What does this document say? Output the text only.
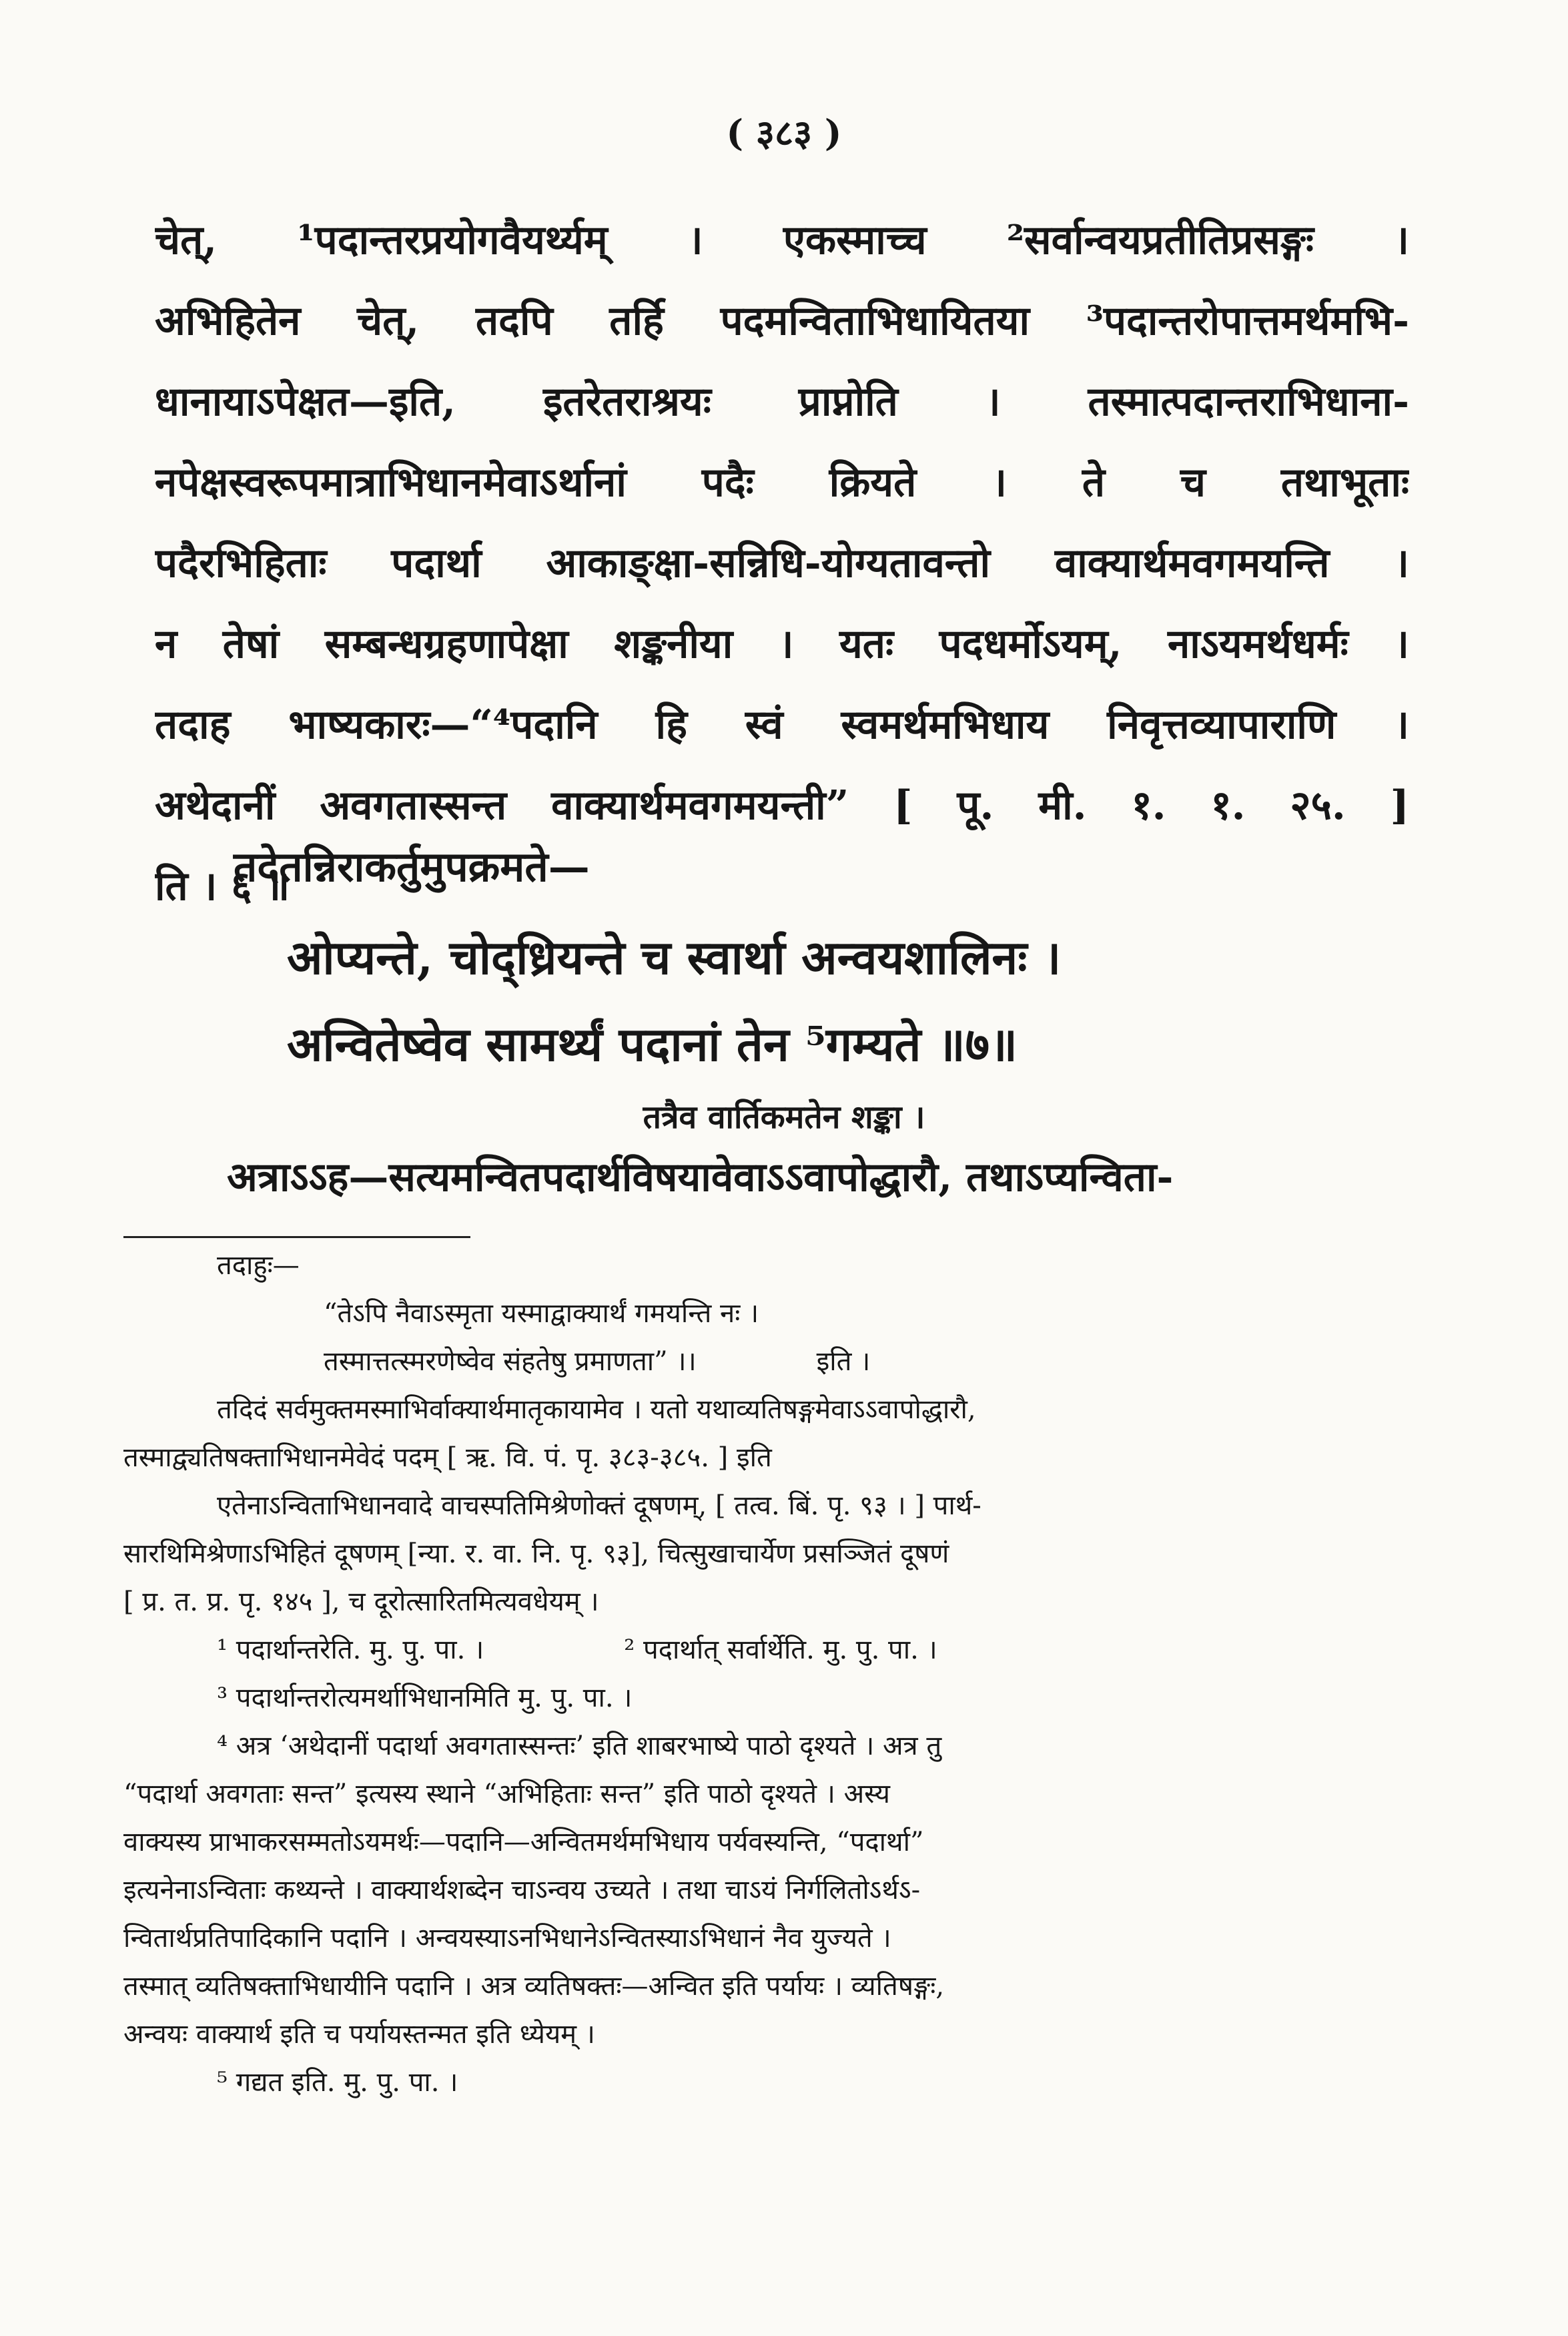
( ३८३ )
चेत्, ¹पदान्तरप्रयोगवैयर्थ्यम् । एकस्माच्च ²सर्वान्वयप्रतीतिप्रसङ्गः ।
अभिहितेन चेत्, तदपि तर्हि पदमन्विताभिधायितया ³पदान्तरोपात्तमर्थमभि-
धानायाऽपेक्षत—इति, इतरेतराश्रयः प्राप्नोति । तस्मात्पदान्तराभिधाना-
नपेक्षस्वरूपमात्राभिधानमेवाऽर्थानां पदैः क्रियते । ते च तथाभूताः
पदैरभिहिताः पदार्था आकाङ्क्षा-सन्निधि-योग्यतावन्तो वाक्यार्थमवगमयन्ति ।
न तेषां सम्बन्धग्रहणापेक्षा शङ्कनीया । यतः पदधर्मोऽयम्, नाऽयमर्थधर्मः ।
तदाह भाष्यकारः—“⁴पदानि हि स्वं स्वमर्थमभिधाय निवृत्तव्यापाराणि ।
अथेदानीं अवगतास्सन्त वाक्यार्थमवगमयन्ती” [ पू. मी. १. १. २५. ]
ति । ६ ॥
तदेतन्निराकर्तुमुपक्रमते—
ओप्यन्ते, चोद्‌ध्रियन्ते च स्वार्था अन्वयशालिनः ।
अन्वितेष्वेव सामर्थ्यं पदानां तेन ⁵गम्यते ॥७॥
तत्रैव वार्तिकमतेन शङ्का ।
अत्राऽऽह—सत्यमन्वितपदार्थविषयावेवाऽऽवापोद्धारौ, तथाऽप्यन्विता-
तदाहुः—
“तेऽपि नैवाऽस्मृता यस्माद्वाक्यार्थं गमयन्ति नः ।
तस्मात्तत्स्मरणेष्वेव संहतेषु प्रमाणता” ।।	इति ।
तदिदं सर्वमुक्तमस्माभिर्वाक्यार्थमातृकायामेव । यतो यथाव्यतिषङ्गमेवाऽऽवापोद्धारौ,
तस्माद्व्यतिषक्ताभिधानमेवेदं पदम् [ ऋ. वि. पं. पृ. ३८३-३८५. ] इति
एतेनाऽन्विताभिधानवादे वाचस्पतिमिश्रेणोक्तं दूषणम्, [ तत्व. बिं. पृ. ९३ । ] पार्थ-
सारथिमिश्रेणाऽभिहितं दूषणम् [न्या. र. वा. नि. पृ. ९३], चित्सुखाचार्येण प्रसञ्जितं दूषणं
[ प्र. त. प्र. पृ. १४५ ], च दूरोत्सारितमित्यवधेयम् ।
¹ पदार्थान्तरेति. मु. पु. पा. ।	² पदार्थात् सर्वार्थेति. मु. पु. पा. ।
³ पदार्थान्तरोत्यमर्थाभिधानमिति मु. पु. पा. ।
⁴ अत्र ‘अथेदानीं पदार्था अवगतास्सन्तः’ इति शाबरभाष्ये पाठो दृश्यते । अत्र तु
“पदार्था अवगताः सन्त” इत्यस्य स्थाने “अभिहिताः सन्त” इति पाठो दृश्यते । अस्य
वाक्यस्य प्राभाकरसम्मतोऽयमर्थः—पदानि—अन्वितमर्थमभिधाय पर्यवस्यन्ति, “पदार्था”
इत्यनेनाऽन्विताः कथ्यन्ते । वाक्यार्थशब्देन चाऽन्वय उच्यते । तथा चाऽयं निर्गलितोऽर्थऽ-
न्वितार्थप्रतिपादिकानि पदानि । अन्वयस्याऽनभिधानेऽन्वितस्याऽभिधानं नैव युज्यते ।
तस्मात् व्यतिषक्ताभिधायीनि पदानि । अत्र व्यतिषक्तः—अन्वित इति पर्यायः । व्यतिषङ्गः,
अन्वयः वाक्यार्थ इति च पर्यायस्तन्मत इति ध्येयम् ।
⁵ गद्यत इति. मु. पु. पा. ।
